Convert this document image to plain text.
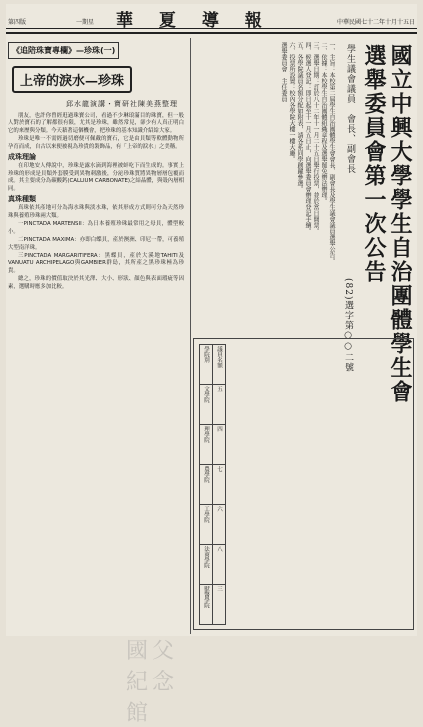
第四版	一期星 華 夏 導 報	中華民國七十二年十月十五日
《追陪珠寶專欄》—珍珠(一)
上帝的淚水—珍珠
邱水龍演講・寶研社陳美燕整理

朋友，也許你曾經逛過珠寶公司，看過不少琳琅滿目的珠寶，但一般人對於寶石的了解都很有限，尤其是珍珠，雖然常見，卻少有人真正明白它的來歷與分類。今天藉著這個機會，把珍珠的基本知識介紹給大家。

珍珠是唯一不需經過切磨便可佩戴的寶石，它是由貝類等軟體動物所孕育而成，自古以來便被視為珍貴的裝飾品，有「上帝的淚水」之美稱。

成珠理論

在印地安人傳說中，珍珠是露水滴到海裡被蚌吃下而生成的。事實上珍珠的形成是貝類外套膜受到異物刺激後，分泌珍珠質將異物層層包覆而成。其主要成分為碳酸鈣(CALLIUM CARBONATE)之結晶體，與殼內層相同。

真珠種類

真珠依其產地可分為海水珠與淡水珠，依其形成方式則可分為天然珍珠與養殖珍珠兩大類。

一PINCTADA MARTENSII：為日本養殖珍珠最常用之母貝，體型較小。

二PINCTADA MAXIMA：亦即白蝶貝，產於澳洲、印尼一帶，可養殖大型南洋珠。

三PINCTADA MARGARITIFERA：黑蝶貝，產於大溪地TAHITI及VANUATU ARCHIPELAGO與GAMBIER群島，其所產之黑珍珠極為珍貴。

總之，珍珠的價值取決於其光澤、大小、形狀、顏色與表面瑕疵等因素，選購時應多加比較。

國父紀念館
國立中興大學學生自治團體學生會
選舉委員會第一次公告
學生議會議員　會長、副會長
(82)選字第○○二號
一、主旨：本校第二屆學生自治團體學生會會長、副會長及學生議會議員選舉公告。
二、依據：本校學生自治團體組織章程及選舉罷免辦法辦理。
三、選舉日期：訂於八十二年十一月二十五日舉行投票，並於當日開票。
四、候選人登記：即日起至十一月五日止，向選舉委員會辦理登記手續。
五、各學院議員名額分配如附表，請各系同學踴躍參選。
六、投票所設置：校內各學院大樓一樓大廳。
選舉委員會　主任委員
學院別	議員名額
文學院	五
理學院	四
農學院	七
工學院	六
法商學院	八
獸醫學院	三
